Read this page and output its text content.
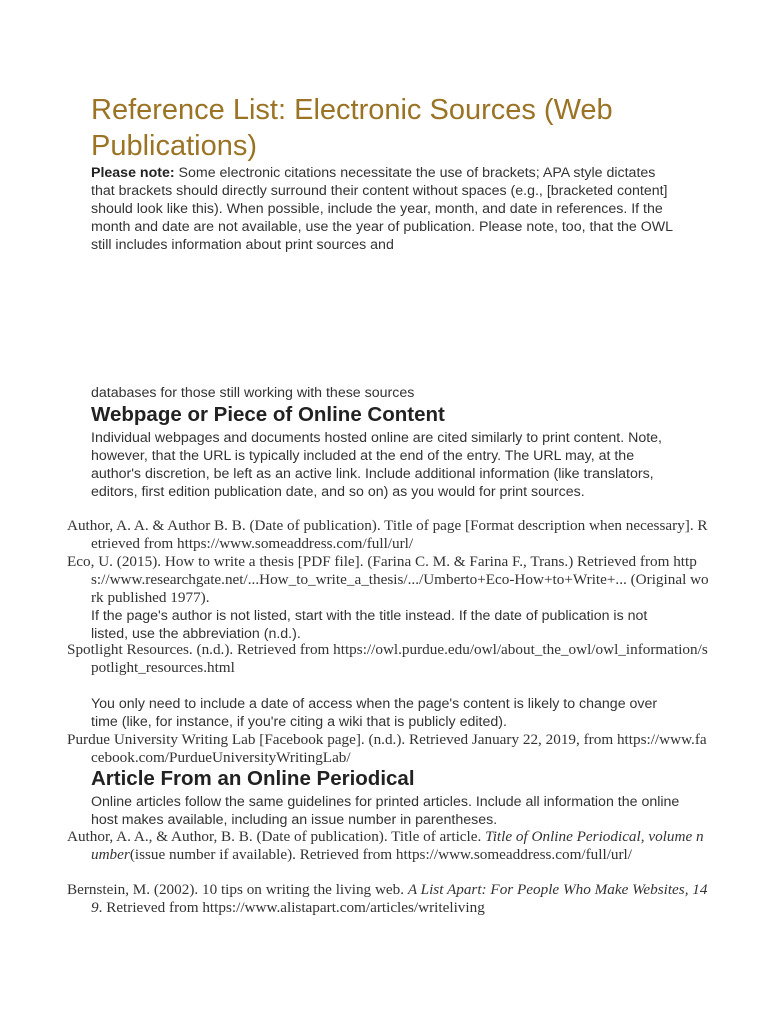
Reference List: Electronic Sources (Web Publications)

Please note: Some electronic citations necessitate the use of brackets; APA style dictates that brackets should directly surround their content without spaces (e.g., [bracketed content] should look like this). When possible, include the year, month, and date in references. If the month and date are not available, use the year of publication. Please note, too, that the OWL still includes information about print sources and

databases for those still working with these sources

Webpage or Piece of Online Content

Individual webpages and documents hosted online are cited similarly to print content. Note, however, that the URL is typically included at the end of the entry. The URL may, at the author's discretion, be left as an active link. Include additional information (like translators, editors, first edition publication date, and so on) as you would for print sources.

Author, A. A. & Author B. B. (Date of publication). Title of page [Format description when necessary]. Retrieved from https://www.someaddress.com/full/url/

Eco, U. (2015). How to write a thesis [PDF file]. (Farina C. M. & Farina F., Trans.) Retrieved from https://www.researchgate.net/...How_to_write_a_thesis/.../Umberto+Eco-How+to+Write+... (Original work published 1977).

If the page's author is not listed, start with the title instead. If the date of publication is not listed, use the abbreviation (n.d.).

Spotlight Resources. (n.d.). Retrieved from https://owl.purdue.edu/owl/about_the_owl/owl_information/spotlight_resources.html

You only need to include a date of access when the page's content is likely to change over time (like, for instance, if you're citing a wiki that is publicly edited).

Purdue University Writing Lab [Facebook page]. (n.d.). Retrieved January 22, 2019, from https://www.facebook.com/PurdueUniversityWritingLab/

Article From an Online Periodical

Online articles follow the same guidelines for printed articles. Include all information the online host makes available, including an issue number in parentheses.

Author, A. A., & Author, B. B. (Date of publication). Title of article. Title of Online Periodical, volume number(issue number if available). Retrieved from https://www.someaddress.com/full/url/

Bernstein, M. (2002). 10 tips on writing the living web. A List Apart: For People Who Make Websites, 149. Retrieved from https://www.alistapart.com/articles/writeliving
